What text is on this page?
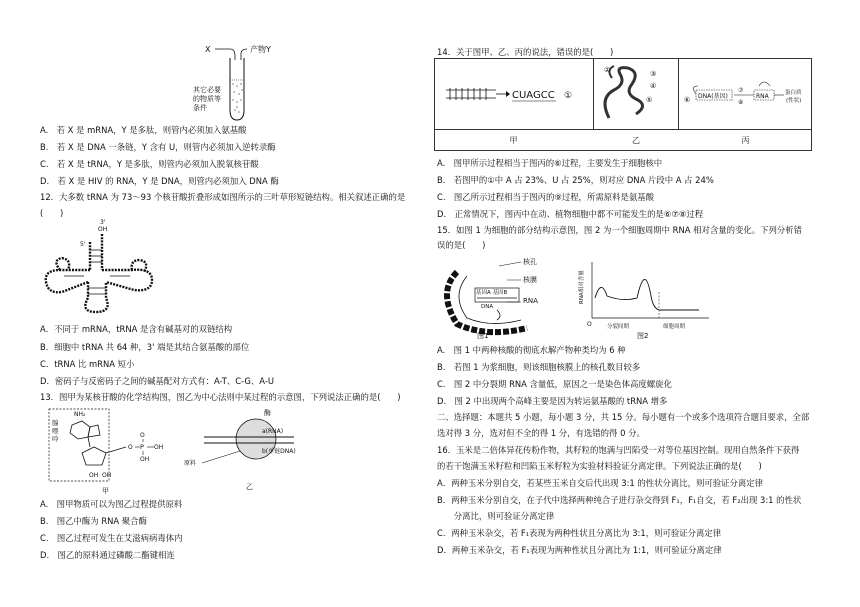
X	产物Y
其它必要
的物质等
条件
A.　若 X 是 mRNA，Y 是多肽，则管内必须加入氨基酸
B.　若 X 是 DNA 一条链，Y 含有 U，则管内必须加入逆转录酶
C.　若 X 是 tRNA，Y 是多肽，则管内必须加入脱氧核苷酸
D.　若 X 是 HIV 的 RNA，Y 是 DNA，则管内必须加入 DNA 酶
12．大多数 tRNA 为 73～93 个核苷酸折叠形成如图所示的三叶草形短链结构。相关叙述正确的是
(　　)
3'
OH
5'
A．不同于 mRNA，tRNA 是含有碱基对的双链结构
B．细胞中 tRNA 共 64 种，3' 端是其结合氨基酸的部位
C．tRNA 比 mRNA 短小
D．密码子与反密码子之间的碱基配对方式有：A-T、C-G、A-U
13．图甲为某核苷酸的化学结构图，图乙为中心法则中某过程的示意图，下列说法正确的是(　　)
腺
嘌
呤
NH₂
OH OH
O P OH
O
OH
甲
酶
a(RNA)
b(单链DNA)
原料
乙
A.　图甲物质可以为图乙过程提供原料
B.　图乙中酶为 RNA 聚合酶
C.　图乙过程可发生在艾滋病病毒体内
D.　图乙的原料通过磷酸二酯键相连
14．关于图甲、乙、丙的说法，错误的是(　　)
CUAGCC ①
③
④
⑤
②
⑥ DNA(基因)
⑦
⑧
RNA	蛋白质
(性状)
甲	乙	丙
A.　图甲所示过程相当于图丙的⑥过程，主要发生于细胞核中
B.　若图甲的①中 A 占 23%、U 占 25%，则对应 DNA 片段中 A 占 24%
C.　图乙所示过程相当于图丙的⑨过程，所需原料是氨基酸
D.　正常情况下，图丙中在动、植物细胞中都不可能发生的是⑥⑦⑧过程
15．如图 1 为细胞的部分结构示意图，图 2 为一个细胞周期中 RNA 相对含量的变化。下列分析错
误的是(　　)
基因A 基因B
DNA
核孔
核膜
RNA
图1
O
RNA相对含量
分裂间期	细胞周期
图2
A.　图 1 中两种核酸的彻底水解产物种类均为 6 种
B.　若图 1 为浆细胞，则该细胞核膜上的核孔数目较多
C.　图 2 中分裂期 RNA 含量低，原因之一是染色体高度螺旋化
D.　图 2 中出现两个高峰主要是因为转运氨基酸的 tRNA 增多
二、选择题：本题共 5 小题，每小题 3 分，共 15 分。每小题有一个或多个选项符合题目要求，全部
选对得 3 分，选对但不全的得 1 分，有选错的得 0 分。
16．玉米是二倍体异花传粉作物，其籽粒的饱满与凹陷受一对等位基因控制。现用自然条件下获得
的若干饱满玉米籽粒和凹陷玉米籽粒为实验材料验证分离定律。下列说法正确的是(　　)
A．两种玉米分别自交，若某些玉米自交后代出现 3:1 的性状分离比，则可验证分离定律
B．两种玉米分别自交，在子代中选择两种纯合子进行杂交得到 F₁，F₁自交，若 F₂出现 3:1 的性状
　　分离比，则可验证分离定律
C．两种玉米杂交，若 F₁表现为两种性状且分离比为 3:1，则可验证分离定律
D．两种玉米杂交，若 F₁表现为两种性状且分离比为 1:1，则可验证分离定律
